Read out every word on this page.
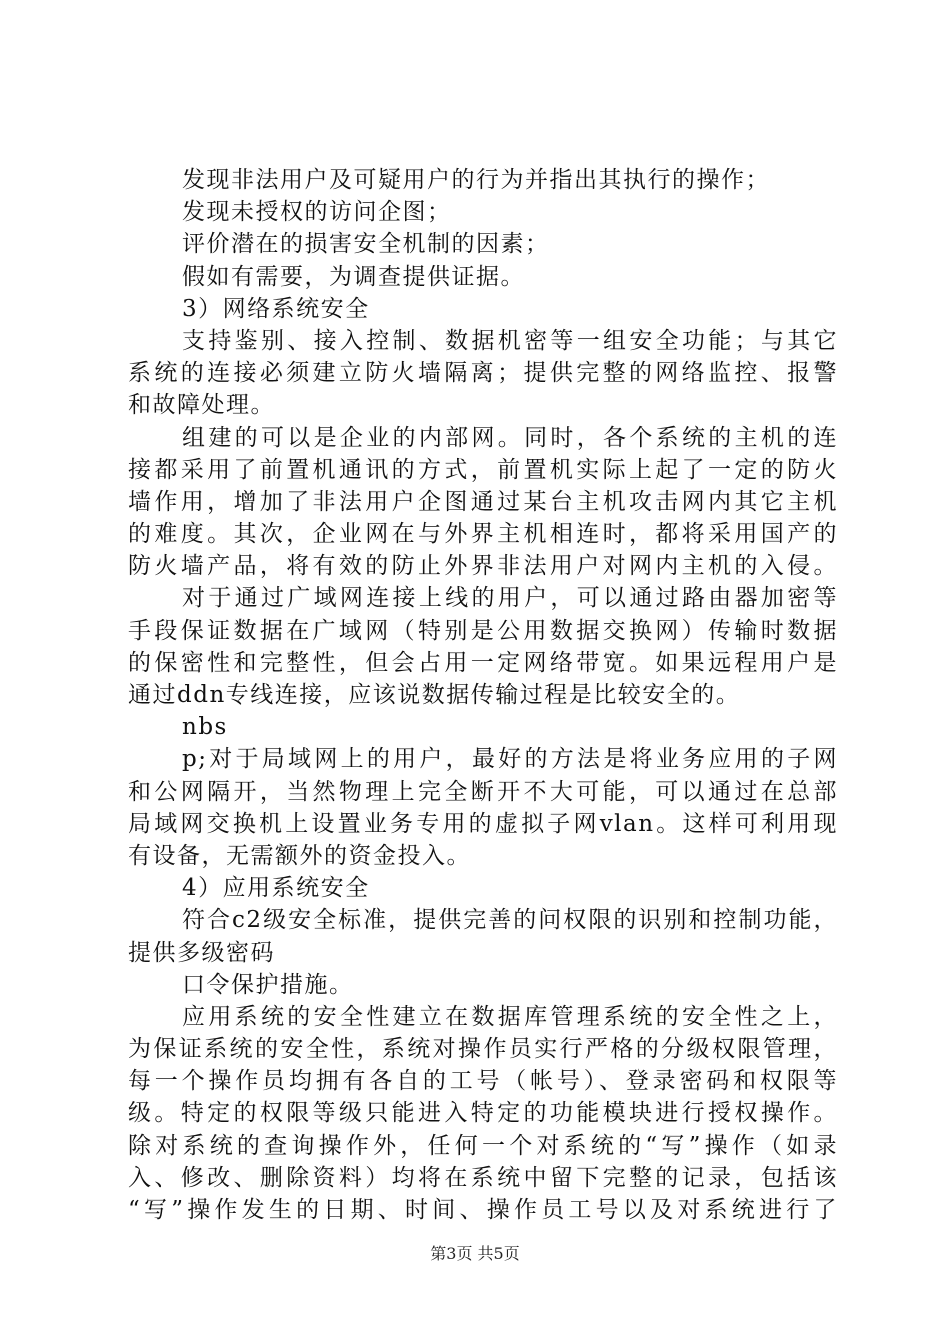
发现非法用户及可疑用户的行为并指出其执行的操作；
发现未授权的访问企图；
评价潜在的损害安全机制的因素；
假如有需要，为调查提供证据。
3）网络系统安全
支持鉴别、接入控制、数据机密等一组安全功能；与其它
系统的连接必须建立防火墙隔离；提供完整的网络监控、报警
和故障处理。
组建的可以是企业的内部网。同时，各个系统的主机的连
接都采用了前置机通讯的方式，前置机实际上起了一定的防火
墙作用，增加了非法用户企图通过某台主机攻击网内其它主机
的难度。其次，企业网在与外界主机相连时，都将采用国产的
防火墙产品，将有效的防止外界非法用户对网内主机的入侵。
对于通过广域网连接上线的用户，可以通过路由器加密等
手段保证数据在广域网（特别是公用数据交换网）传输时数据
的保密性和完整性，但会占用一定网络带宽。如果远程用户是
通过ddn专线连接，应该说数据传输过程是比较安全的。
nbs
p;对于局域网上的用户，最好的方法是将业务应用的子网
和公网隔开，当然物理上完全断开不大可能，可以通过在总部
局域网交换机上设置业务专用的虚拟子网vlan。这样可利用现
有设备，无需额外的资金投入。
4）应用系统安全
符合c2级安全标准，提供完善的问权限的识别和控制功能，
提供多级密码
口令保护措施。
应用系统的安全性建立在数据库管理系统的安全性之上，
为保证系统的安全性，系统对操作员实行严格的分级权限管理，
每一个操作员均拥有各自的工号（帐号）、登录密码和权限等
级。特定的权限等级只能进入特定的功能模块进行授权操作。
除对系统的查询操作外，任何一个对系统的“写”操作（如录
入、修改、删除资料）均将在系统中留下完整的记录，包括该
“写”操作发生的日期、时间、操作员工号以及对系统进行了
第3页 共5页
